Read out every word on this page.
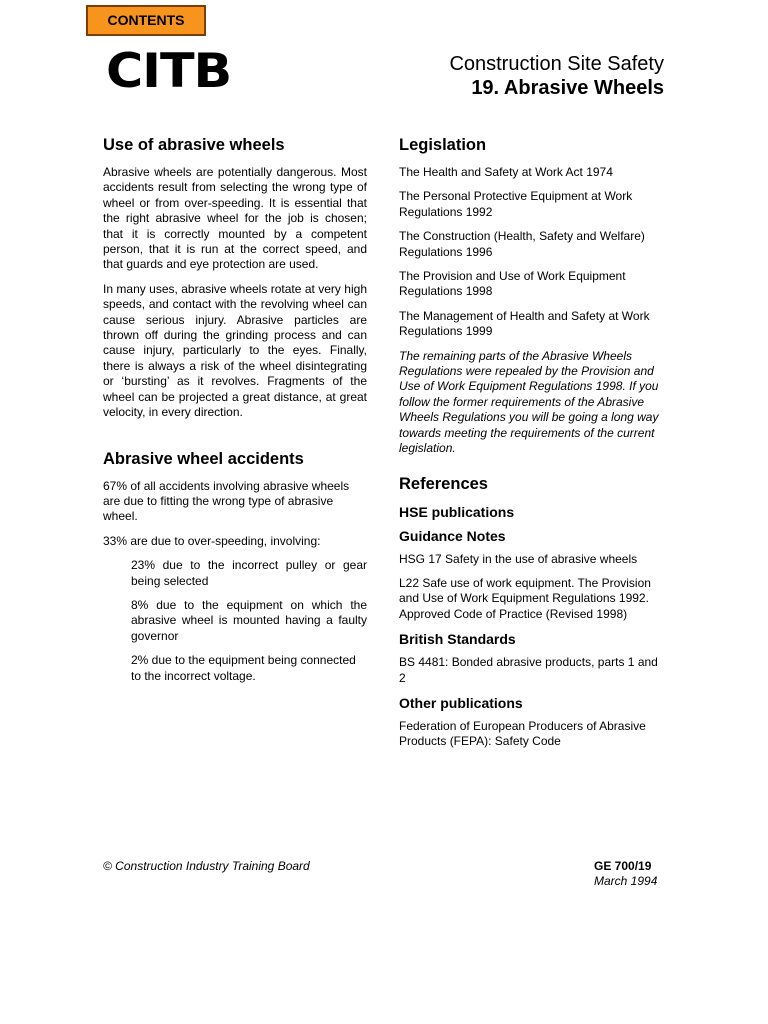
CONTENTS
CITB	Construction Site Safety
19. Abrasive Wheels
Use of abrasive wheels

Abrasive wheels are potentially dangerous. Most accidents result from selecting the wrong type of wheel or from over-speeding. It is essential that the right abrasive wheel for the job is chosen; that it is correctly mounted by a competent person, that it is run at the correct speed, and that guards and eye protection are used.

In many uses, abrasive wheels rotate at very high speeds, and contact with the revolving wheel can cause serious injury. Abrasive particles are thrown off during the grinding process and can cause injury, particularly to the eyes. Finally, there is always a risk of the wheel disintegrating or ‘bursting’ as it revolves. Fragments of the wheel can be projected a great distance, at great velocity, in every direction.

Abrasive wheel accidents

67% of all accidents involving abrasive wheels are due to fitting the wrong type of abrasive wheel.

33% are due to over-speeding, involving:

23% due to the incorrect pulley or gear being selected

8% due to the equipment on which the abrasive wheel is mounted having a faulty governor

2% due to the equipment being connected to the incorrect voltage.

Legislation

The Health and Safety at Work Act 1974

The Personal Protective Equipment at Work Regulations 1992

The Construction (Health, Safety and Welfare) Regulations 1996

The Provision and Use of Work Equipment Regulations 1998

The Management of Health and Safety at Work Regulations 1999

The remaining parts of the Abrasive Wheels Regulations were repealed by the Provision and Use of Work Equipment Regulations 1998. If you follow the former requirements of the Abrasive Wheels Regulations you will be going a long way towards meeting the requirements of the current legislation.

References
HSE publications
Guidance Notes

HSG 17 Safety in the use of abrasive wheels

L22 Safe use of work equipment. The Provision and Use of Work Equipment Regulations 1992. Approved Code of Practice (Revised 1998)

British Standards

BS 4481: Bonded abrasive products, parts 1 and 2

Other publications

Federation of European Producers of Abrasive Products (FEPA): Safety Code

© Construction Industry Training Board	GE 700/19
March 1994
